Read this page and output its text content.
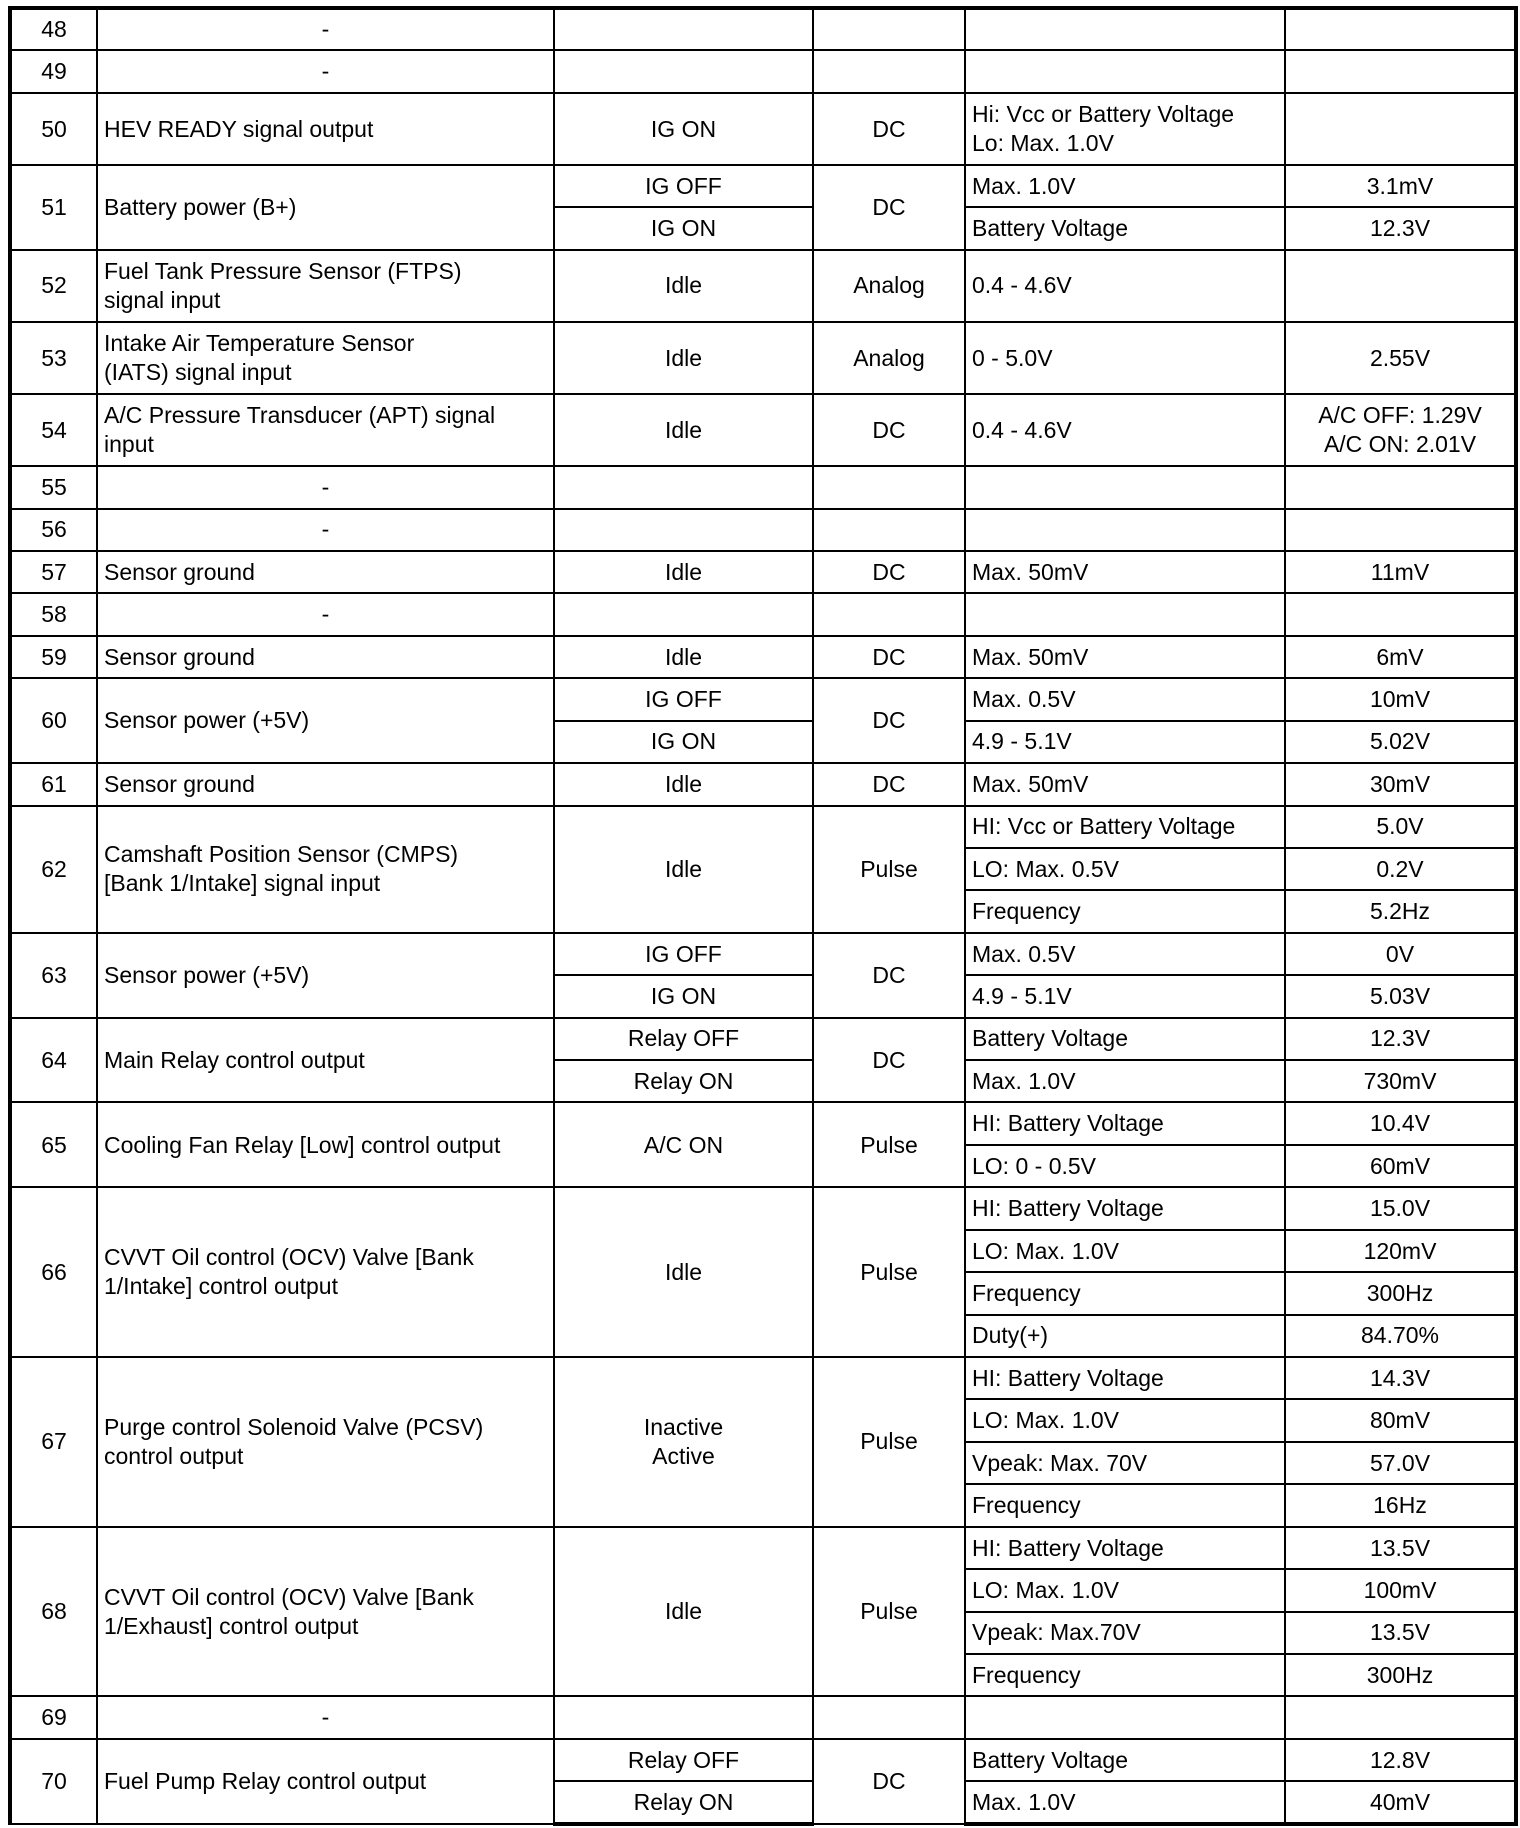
48	-				
49	-				
50	HEV READY signal output	IG ON	DC	Hi: Vcc or Battery Voltage
Lo: Max. 1.0V	
51	Battery power (B+)	IG OFF	DC	Max. 1.0V	3.1mV
		IG ON		Battery Voltage	12.3V
52	Fuel Tank Pressure Sensor (FTPS)
signal input	Idle	Analog	0.4 - 4.6V	
53	Intake Air Temperature Sensor
(IATS) signal input	Idle	Analog	0 - 5.0V	2.55V
54	A/C Pressure Transducer (APT) signal
input	Idle	DC	0.4 - 4.6V	A/C OFF: 1.29V
A/C ON: 2.01V
55	-				
56	-				
57	Sensor ground	Idle	DC	Max. 50mV	11mV
58	-				
59	Sensor ground	Idle	DC	Max. 50mV	6mV
60	Sensor power (+5V)	IG OFF	DC	Max. 0.5V	10mV
		IG ON		4.9 - 5.1V	5.02V
61	Sensor ground	Idle	DC	Max. 50mV	30mV
62	Camshaft Position Sensor (CMPS)
[Bank 1/Intake] signal input	Idle	Pulse	HI: Vcc or Battery Voltage	5.0V
				LO: Max. 0.5V	0.2V
				Frequency	5.2Hz
63	Sensor power (+5V)	IG OFF	DC	Max. 0.5V	0V
		IG ON		4.9 - 5.1V	5.03V
64	Main Relay control output	Relay OFF	DC	Battery Voltage	12.3V
		Relay ON		Max. 1.0V	730mV
65	Cooling Fan Relay [Low] control output	A/C ON	Pulse	HI: Battery Voltage	10.4V
				LO: 0 - 0.5V	60mV
66	CVVT Oil control (OCV) Valve [Bank
1/Intake] control output	Idle	Pulse	HI: Battery Voltage	15.0V
				LO: Max. 1.0V	120mV
				Frequency	300Hz
				Duty(+)	84.70%
67	Purge control Solenoid Valve (PCSV)
control output	Inactive
Active	Pulse	HI: Battery Voltage	14.3V
				LO: Max. 1.0V	80mV
				Vpeak: Max. 70V	57.0V
				Frequency	16Hz
68	CVVT Oil control (OCV) Valve [Bank
1/Exhaust] control output	Idle	Pulse	HI: Battery Voltage	13.5V
				LO: Max. 1.0V	100mV
				Vpeak: Max.70V	13.5V
				Frequency	300Hz
69	-				
70	Fuel Pump Relay control output	Relay OFF	DC	Battery Voltage	12.8V
		Relay ON		Max. 1.0V	40mV
